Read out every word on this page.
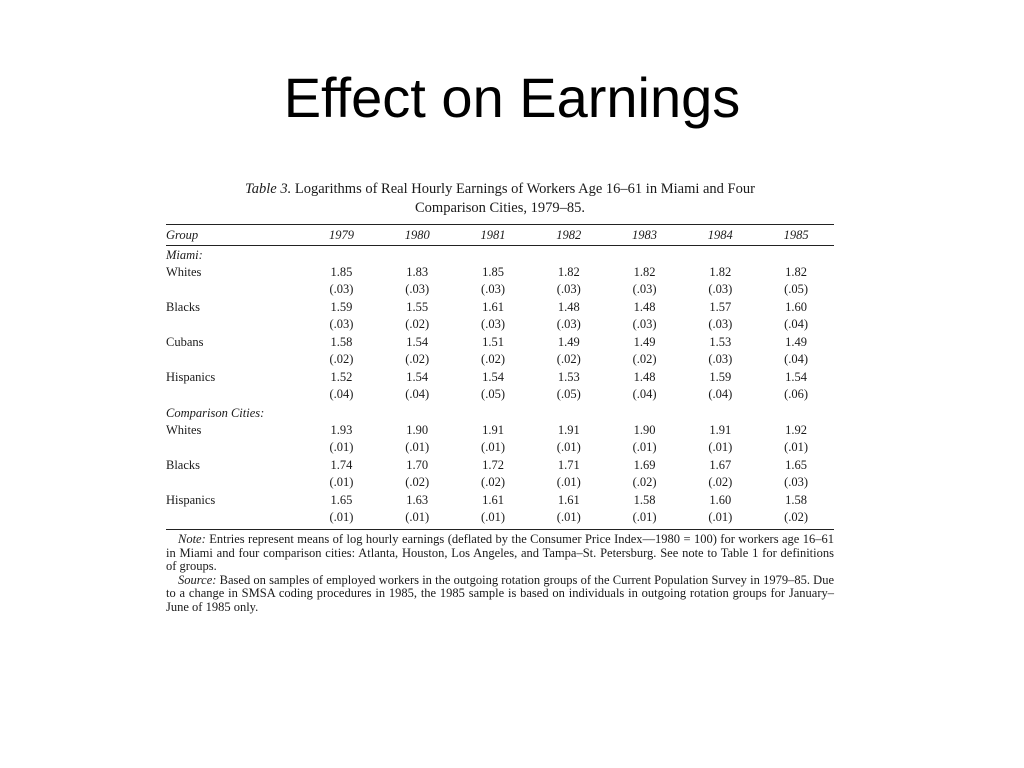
Effect on Earnings
Table 3. Logarithms of Real Hourly Earnings of Workers Age 16–61 in Miami and Four
Comparison Cities, 1979–85.
Group	1979	1980	1981	1982	1983	1984	1985

Miami:							
Whites	1.85	1.83	1.85	1.82	1.82	1.82	1.82
	(.03)	(.03)	(.03)	(.03)	(.03)	(.03)	(.05)
Blacks	1.59	1.55	1.61	1.48	1.48	1.57	1.60
	(.03)	(.02)	(.03)	(.03)	(.03)	(.03)	(.04)
Cubans	1.58	1.54	1.51	1.49	1.49	1.53	1.49
	(.02)	(.02)	(.02)	(.02)	(.02)	(.03)	(.04)
Hispanics	1.52	1.54	1.54	1.53	1.48	1.59	1.54
	(.04)	(.04)	(.05)	(.05)	(.04)	(.04)	(.06)
Comparison Cities:							
Whites	1.93	1.90	1.91	1.91	1.90	1.91	1.92
	(.01)	(.01)	(.01)	(.01)	(.01)	(.01)	(.01)
Blacks	1.74	1.70	1.72	1.71	1.69	1.67	1.65
	(.01)	(.02)	(.02)	(.01)	(.02)	(.02)	(.03)
Hispanics	1.65	1.63	1.61	1.61	1.58	1.60	1.58
	(.01)	(.01)	(.01)	(.01)	(.01)	(.01)	(.02)

Note: Entries represent means of log hourly earnings (deflated by the Consumer Price Index—1980 = 100) for workers age 16–61 in Miami and four comparison cities: Atlanta, Houston, Los Angeles, and Tampa–St. Petersburg. See note to Table 1 for definitions of groups.

Source: Based on samples of employed workers in the outgoing rotation groups of the Current Population Survey in 1979–85. Due to a change in SMSA coding procedures in 1985, the 1985 sample is based on individuals in outgoing rotation groups for January–June of 1985 only.
